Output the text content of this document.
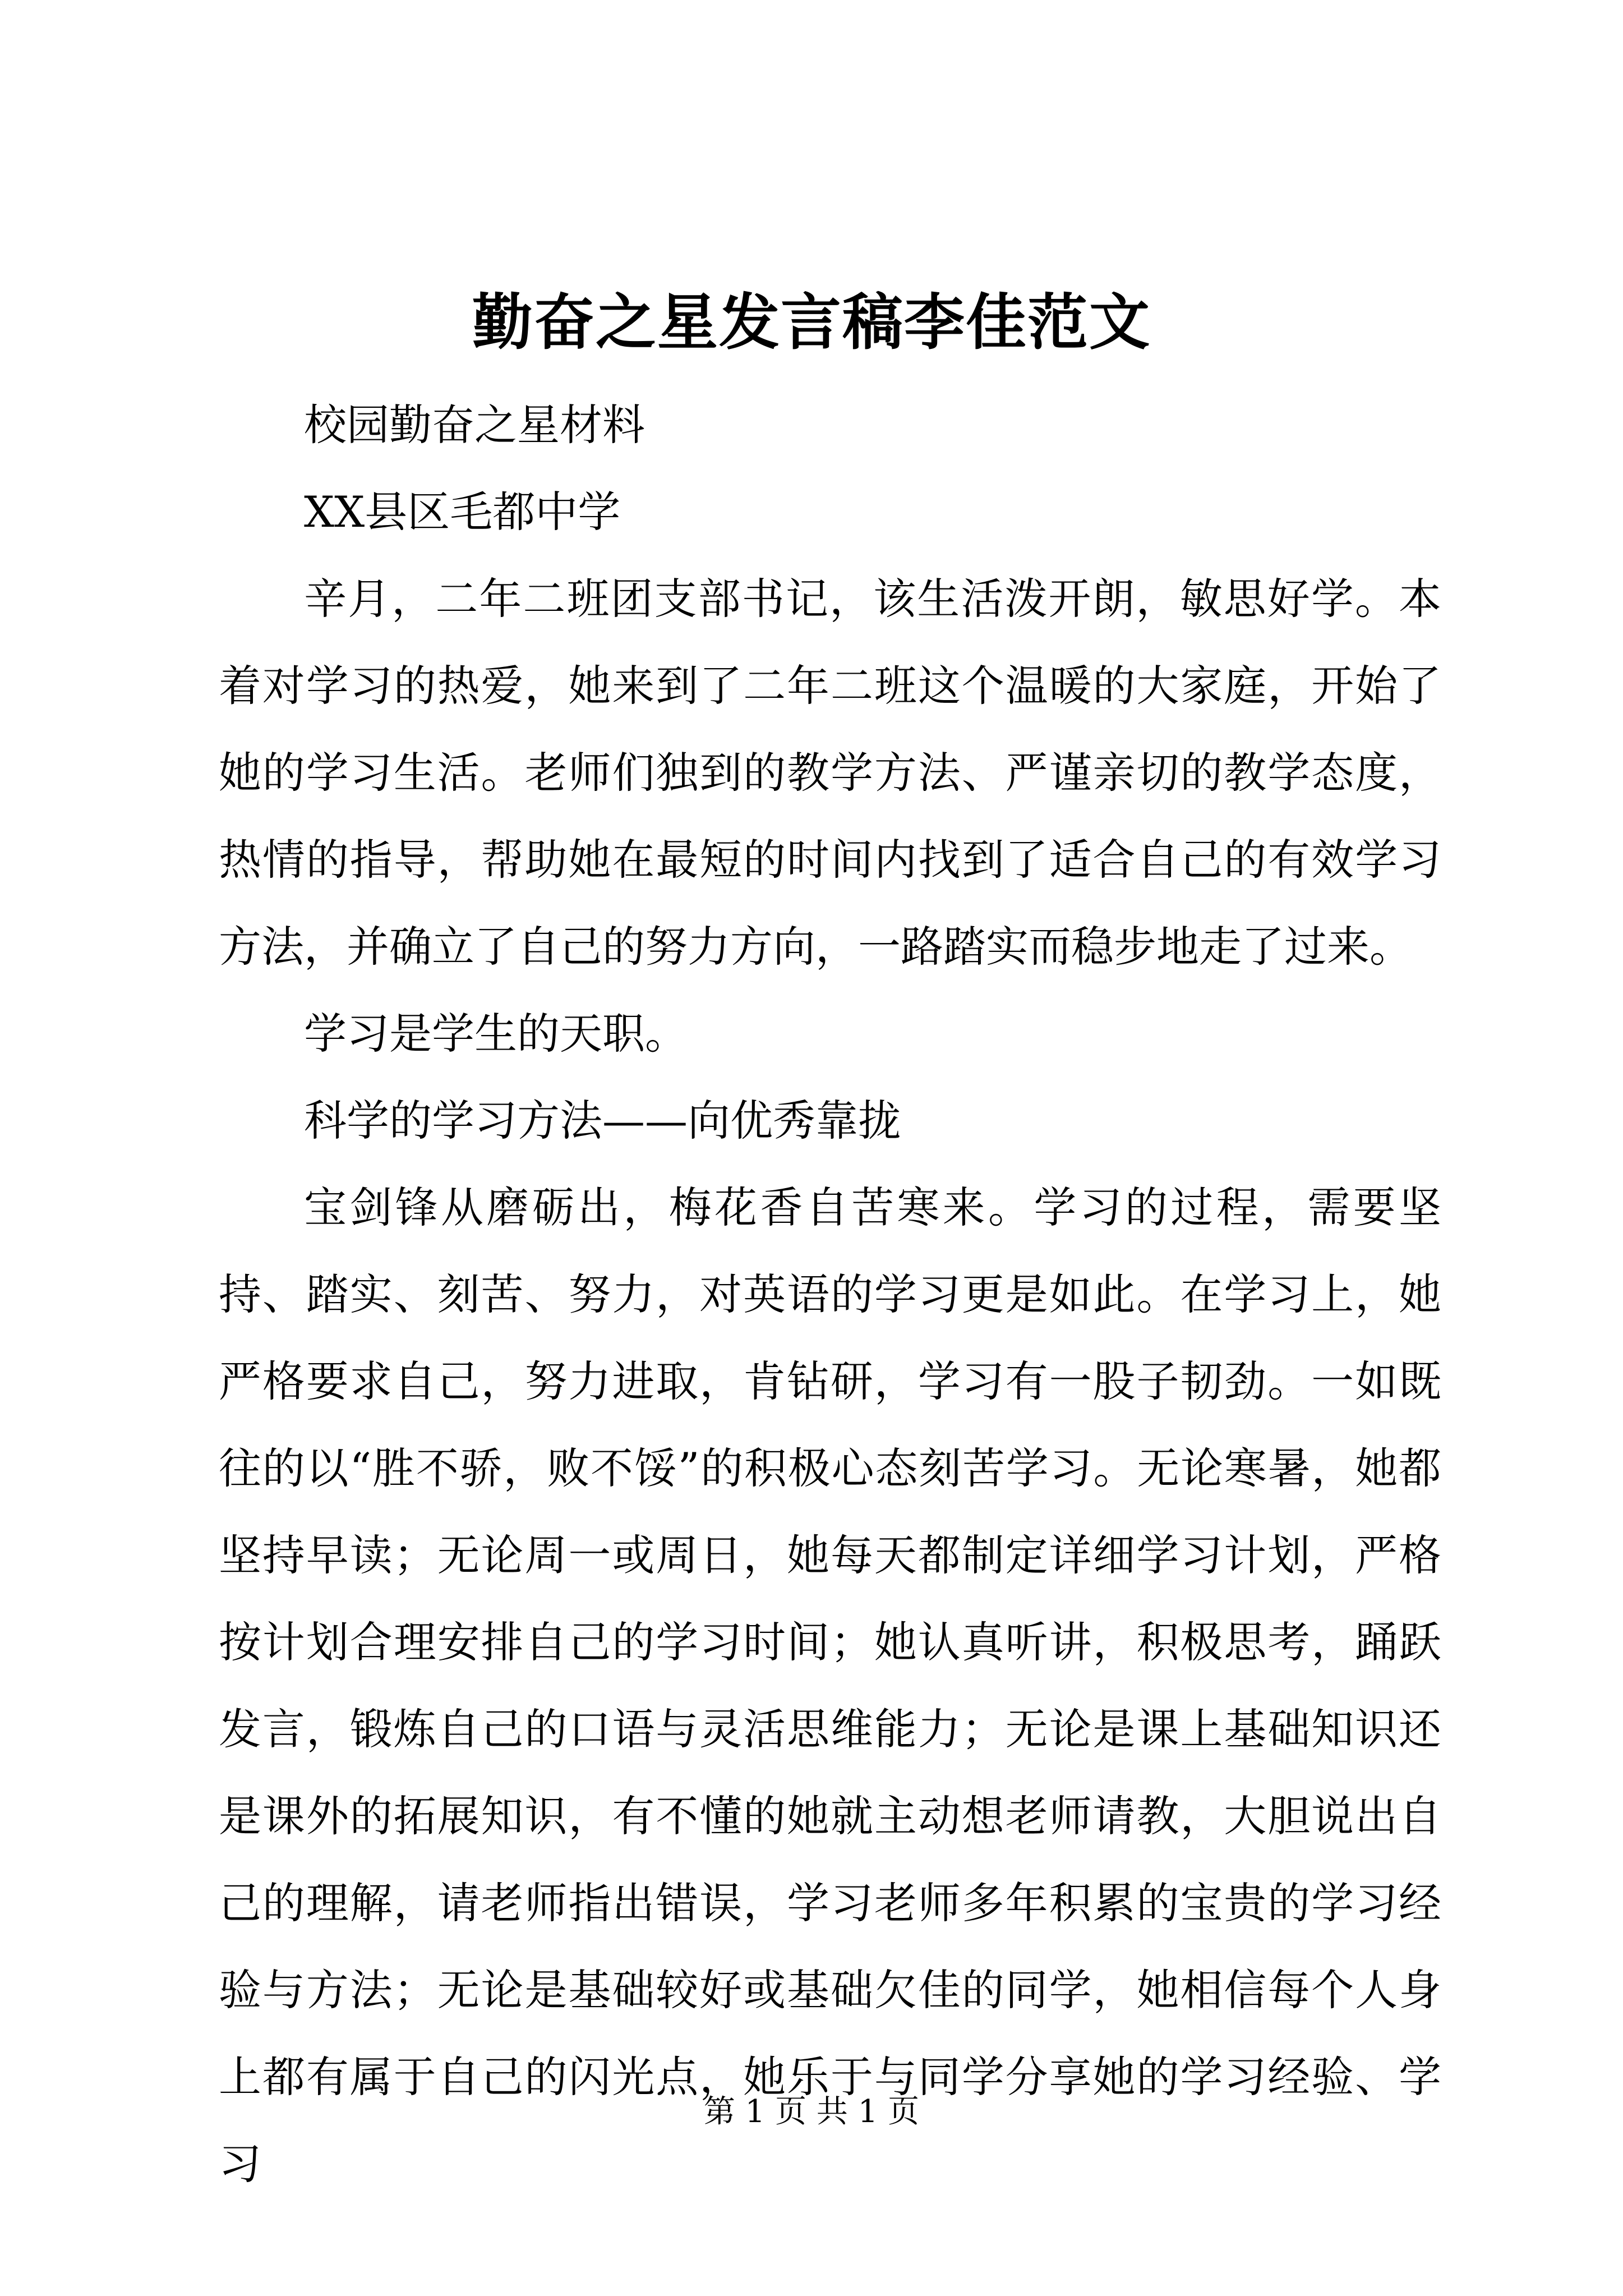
勤奋之星发言稿李佳范文

校园勤奋之星材料

XX县区毛都中学

辛月，二年二班团支部书记，该生活泼开朗，敏思好学。本着对学习的热爱，她来到了二年二班这个温暖的大家庭，开始了她的学习生活。老师们独到的教学方法、严谨亲切的教学态度，热情的指导，帮助她在最短的时间内找到了适合自己的有效学习方法，并确立了自己的努力方向，一路踏实而稳步地走了过来。

学习是学生的天职。

科学的学习方法——向优秀靠拢

宝剑锋从磨砺出，梅花香自苦寒来。学习的过程，需要坚持、踏实、刻苦、努力，对英语的学习更是如此。在学习上，她严格要求自己，努力进取，肯钻研，学习有一股子韧劲。一如既往的以“胜不骄，败不馁”的积极心态刻苦学习。无论寒暑，她都坚持早读；无论周一或周日，她每天都制定详细学习计划，严格按计划合理安排自己的学习时间；她认真听讲，积极思考，踊跃发言，锻炼自己的口语与灵活思维能力；无论是课上基础知识还是课外的拓展知识，有不懂的她就主动想老师请教，大胆说出自己的理解，请老师指出错误，学习老师多年积累的宝贵的学习经验与方法；无论是基础较好或基础欠佳的同学，她相信每个人身上都有属于自己的闪光点，她乐于与同学分享她的学习经验、学习

第 1 页 共 1 页
